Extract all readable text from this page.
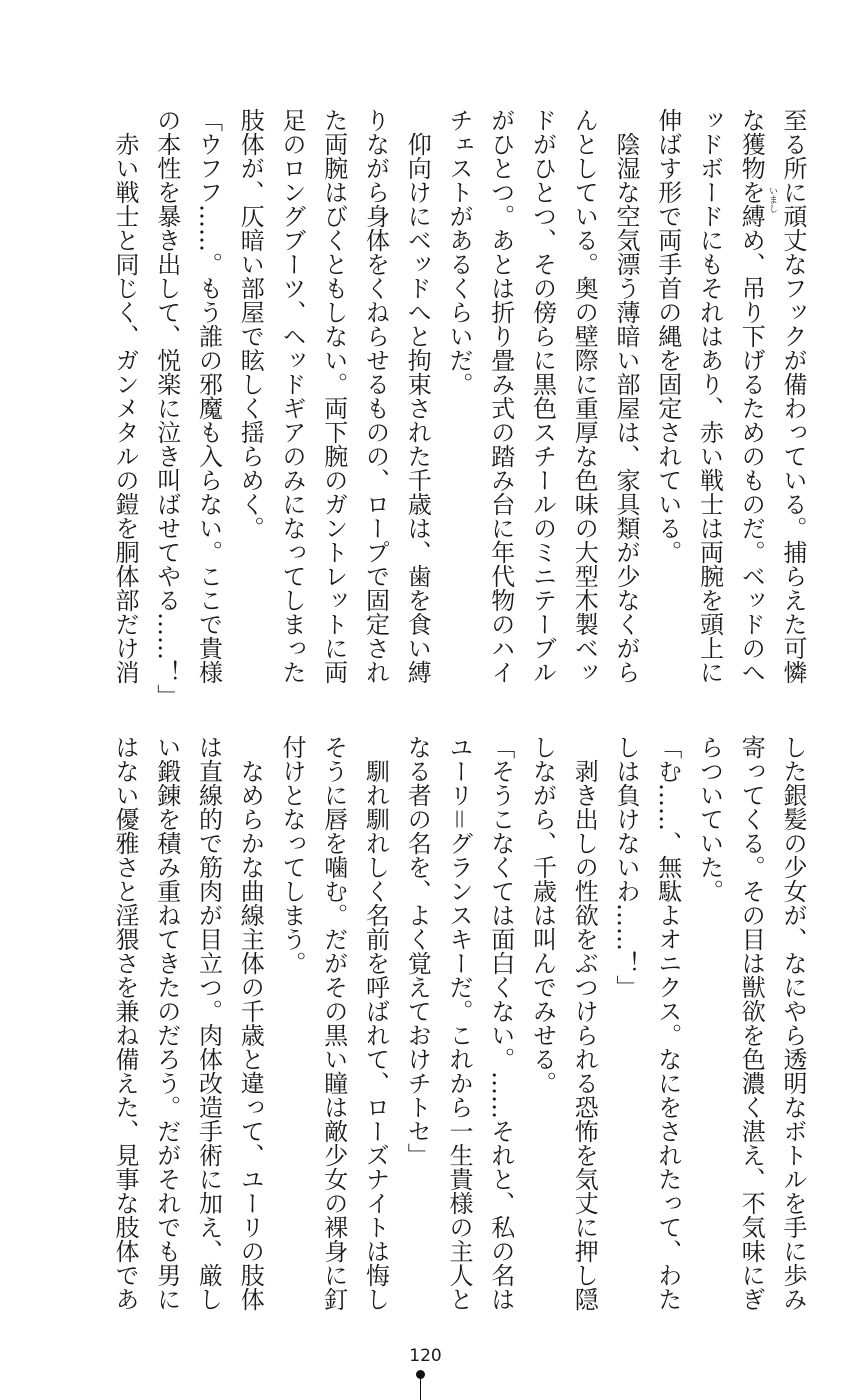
至る所に頑丈なフックが備わっている。捕らえた可憐
な獲物を縛め、吊り下げるためのものだ。ベッドのへ
ッドボードにもそれはあり、赤い戦士は両腕を頭上に
伸ばす形で両手首の縄を固定されている。
　陰湿な空気漂う薄暗い部屋は、家具類が少なくがら
んとしている。奥の壁際に重厚な色味の大型木製ベッ
ドがひとつ、その傍らに黒色スチールのミニテーブル
がひとつ。あとは折り畳み式の踏み台に年代物のハイ
チェストがあるくらいだ。
　仰向けにベッドへと拘束された千歳は、歯を食い縛
りながら身体をくねらせるものの、ロープで固定され
た両腕はびくともしない。両下腕のガントレットに両
足のロングブーツ、ヘッドギアのみになってしまった
肢体が、仄暗い部屋で眩しく揺らめく。
「ウフフ……。もう誰の邪魔も入らない。ここで貴様
の本性を暴き出して、悦楽に泣き叫ばせてやる……！」
　赤い戦士と同じく、ガンメタルの鎧を胴体部だけ消	いまし
した銀髪の少女が、なにやら透明なボトルを手に歩み
寄ってくる。その目は獣欲を色濃く湛え、不気味にぎ
らついていた。
「む……、無駄よオニクス。なにをされたって、わた
しは負けないわ……！」
　剥き出しの性欲をぶつけられる恐怖を気丈に押し隠
しながら、千歳は叫んでみせる。
「そうこなくては面白くない。……それと、私の名は
ユーリ＝グランスキーだ。これから一生貴様の主人と
なる者の名を、よく覚えておけチトセ」
　馴れ馴れしく名前を呼ばれて、ローズナイトは悔し
そうに唇を噛む。だがその黒い瞳は敵少女の裸身に釘
付けとなってしまう。
　なめらかな曲線主体の千歳と違って、ユーリの肢体
は直線的で筋肉が目立つ。肉体改造手術に加え、厳し
い鍛錬を積み重ねてきたのだろう。だがそれでも男に
はない優雅さと淫猥さを兼ね備えた、見事な肢体であ
120
